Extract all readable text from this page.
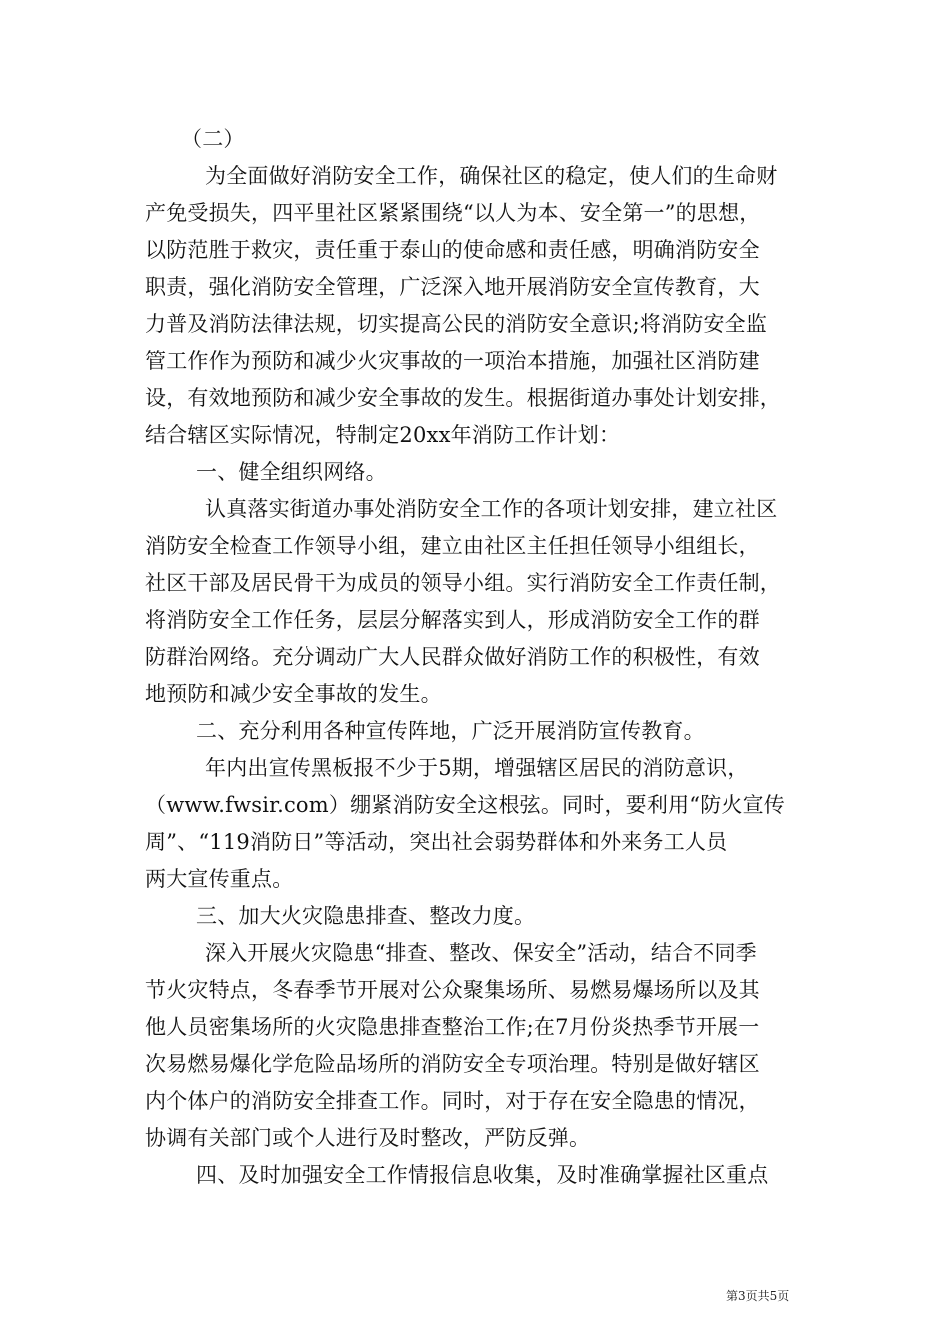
（二）
为全面做好消防安全工作，确保社区的稳定，使人们的生命财
产免受损失，四平里社区紧紧围绕“以人为本、安全第一”的思想，
以防范胜于救灾，责任重于泰山的使命感和责任感，明确消防安全
职责，强化消防安全管理，广泛深入地开展消防安全宣传教育，大
力普及消防法律法规，切实提高公民的消防安全意识;将消防安全监
管工作作为预防和减少火灾事故的一项治本措施，加强社区消防建
设，有效地预防和减少安全事故的发生。根据街道办事处计划安排，
结合辖区实际情况，特制定20xx年消防工作计划：
一、健全组织网络。
认真落实街道办事处消防安全工作的各项计划安排，建立社区
消防安全检查工作领导小组，建立由社区主任担任领导小组组长，
社区干部及居民骨干为成员的领导小组。实行消防安全工作责任制，
将消防安全工作任务，层层分解落实到人，形成消防安全工作的群
防群治网络。充分调动广大人民群众做好消防工作的积极性，有效
地预防和减少安全事故的发生。
二、充分利用各种宣传阵地，广泛开展消防宣传教育。
年内出宣传黑板报不少于5期，增强辖区居民的消防意识，
（www.fwsir.com）绷紧消防安全这根弦。同时，要利用“防火宣传
周”、“119消防日”等活动，突出社会弱势群体和外来务工人员
两大宣传重点。
三、加大火灾隐患排查、整改力度。
深入开展火灾隐患“排查、整改、保安全”活动，结合不同季
节火灾特点，冬春季节开展对公众聚集场所、易燃易爆场所以及其
他人员密集场所的火灾隐患排查整治工作;在7月份炎热季节开展一
次易燃易爆化学危险品场所的消防安全专项治理。特别是做好辖区
内个体户的消防安全排查工作。同时，对于存在安全隐患的情况，
协调有关部门或个人进行及时整改，严防反弹。
四、及时加强安全工作情报信息收集，及时准确掌握社区重点
第3页共5页
